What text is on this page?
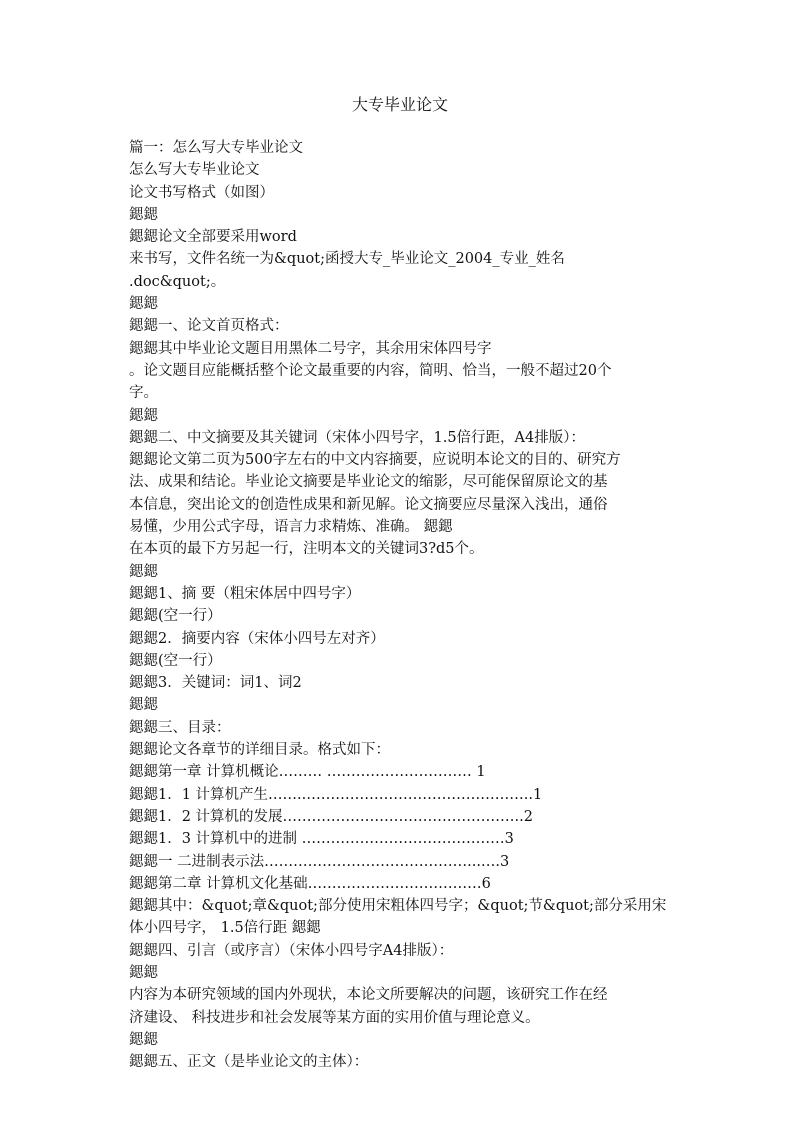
大专毕业论文
篇一：怎么写大专毕业论文
怎么写大专毕业论文
论文书写格式（如图）
鍶鍶
鍶鍶论文全部要采用word
来书写，文件名统一为&quot;函授大专_毕业论文_2004_专业_姓名
.doc&quot;。
鍶鍶
鍶鍶一、论文首页格式：
鍶鍶其中毕业论文题目用黑体二号字，其余用宋体四号字
。论文题目应能概括整个论文最重要的内容，简明、恰当，一般不超过20个
字。
鍶鍶
鍶鍶二、中文摘要及其关键词（宋体小四号字，1.5倍行距，A4排版）：
鍶鍶论文第二页为500字左右的中文内容摘要，应说明本论文的目的、研究方
法、成果和结论。毕业论文摘要是毕业论文的缩影，尽可能保留原论文的基
本信息，突出论文的创造性成果和新见解。论文摘要应尽量深入浅出，通俗
易懂，少用公式字母，语言力求精炼、准确。 鍶鍶
在本页的最下方另起一行，注明本文的关键词3?d5个。
鍶鍶
鍶鍶1、摘 要（粗宋体居中四号字）
鍶鍶(空一行）
鍶鍶2．摘要内容（宋体小四号左对齐）
鍶鍶(空一行）
鍶鍶3．关键词：词1、词2
鍶鍶
鍶鍶三、目录：
鍶鍶论文各章节的详细目录。格式如下：
鍶鍶第一章 计算机概论……… ………………………… 1
鍶鍶1．1 计算机产生……..………………………………………..1
鍶鍶1．2 计算机的发展…………………………………………..2
鍶鍶1．3 计算机中的进制 ……………………………………3
鍶鍶一 二进制表示法……………………………………...….3
鍶鍶第二章 计算机文化基础………………………………6
鍶鍶其中：&quot;章&quot;部分使用宋粗体四号字；&quot;节&quot;部分采用宋
体小四号字， 1.5倍行距 鍶鍶
鍶鍶四、引言（或序言）（宋体小四号字A4排版）：
鍶鍶
内容为本研究领域的国内外现状，本论文所要解决的问题，该研究工作在经
济建设、 科技进步和社会发展等某方面的实用价值与理论意义。
鍶鍶
鍶鍶五、正文（是毕业论文的主体）：
